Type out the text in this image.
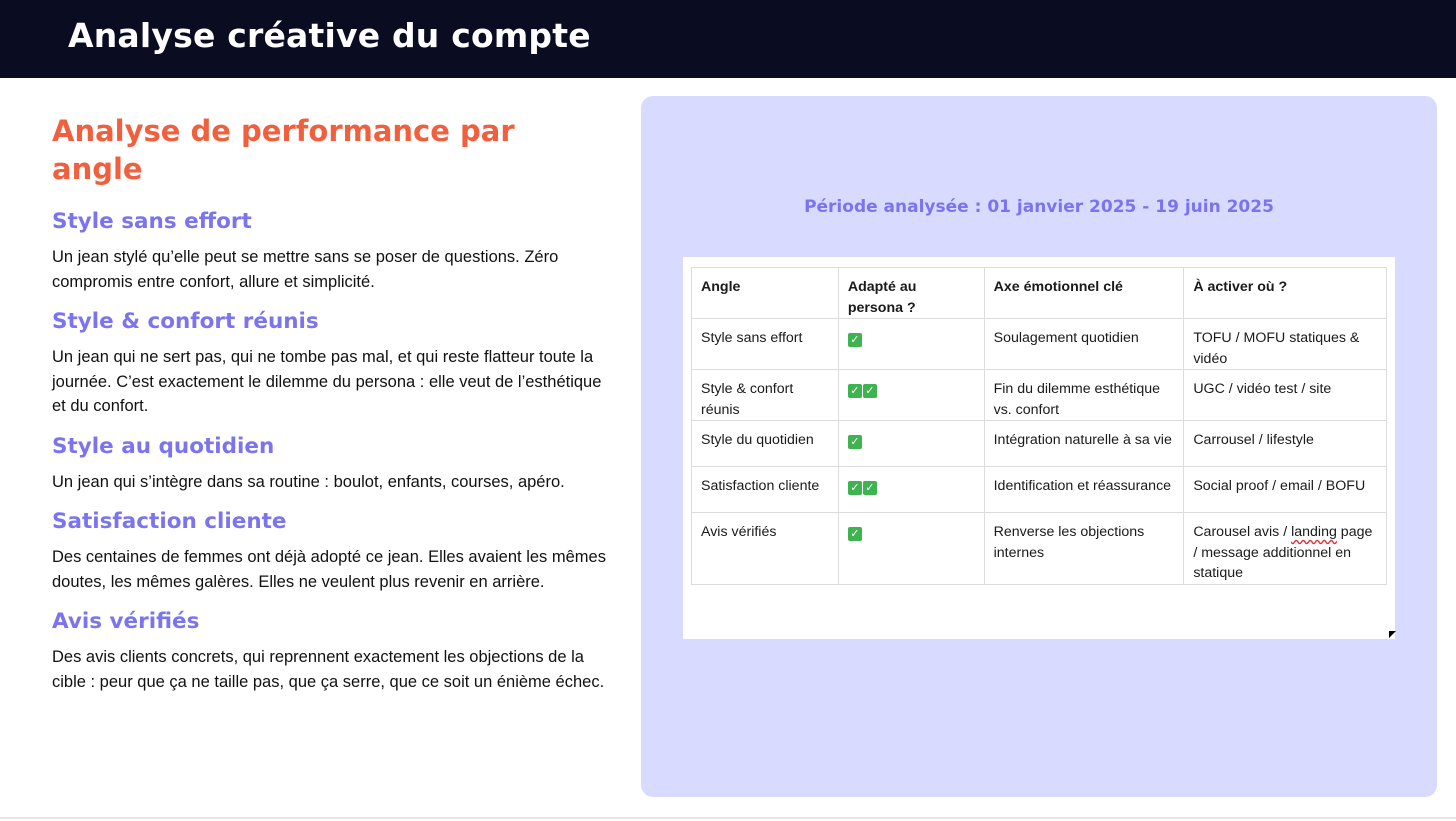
Analyse créative du compte
Analyse de performance par angle
Style sans effort

Un jean stylé qu’elle peut se mettre sans se poser de questions. Zéro compromis entre confort, allure et simplicité.

Style & confort réunis

Un jean qui ne sert pas, qui ne tombe pas mal, et qui reste flatteur toute la journée. C’est exactement le dilemme du persona : elle veut de l’esthétique et du confort.

Style au quotidien

Un jean qui s’intègre dans sa routine : boulot, enfants, courses, apéro.

Satisfaction cliente

Des centaines de femmes ont déjà adopté ce jean. Elles avaient les mêmes doutes, les mêmes galères. Elles ne veulent plus revenir en arrière.

Avis vérifiés

Des avis clients concrets, qui reprennent exactement les objections de la cible : peur que ça ne taille pas, que ça serre, que ce soit un énième échec.

Période analysée : 01 janvier 2025 - 19 juin 2025
Angle	Adapté au persona ?	Axe émotionnel clé	À activer où ?
Style sans effort	✓	Soulagement quotidien	TOFU / MOFU statiques & vidéo
Style & confort réunis	✓ ✓	Fin du dilemme esthétique vs. confort	UGC / vidéo test / site
Style du quotidien	✓	Intégration naturelle à sa vie	Carrousel / lifestyle
Satisfaction cliente	✓ ✓	Identification et réassurance	Social proof / email / BOFU
Avis vérifiés	✓	Renverse les objections internes	Carousel avis / landing page / message additionnel en statique
